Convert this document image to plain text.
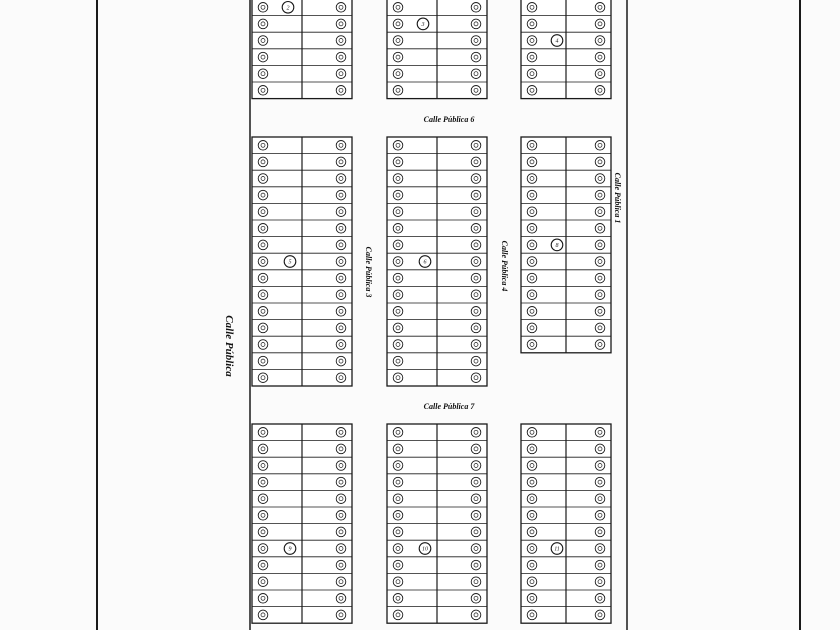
2
3
4
5	6
8
9	10	11
Calle Pública
Calle Pública 3	Calle Pública 4
Calle Pública 1
Calle Pública 6
Calle Pública 7
